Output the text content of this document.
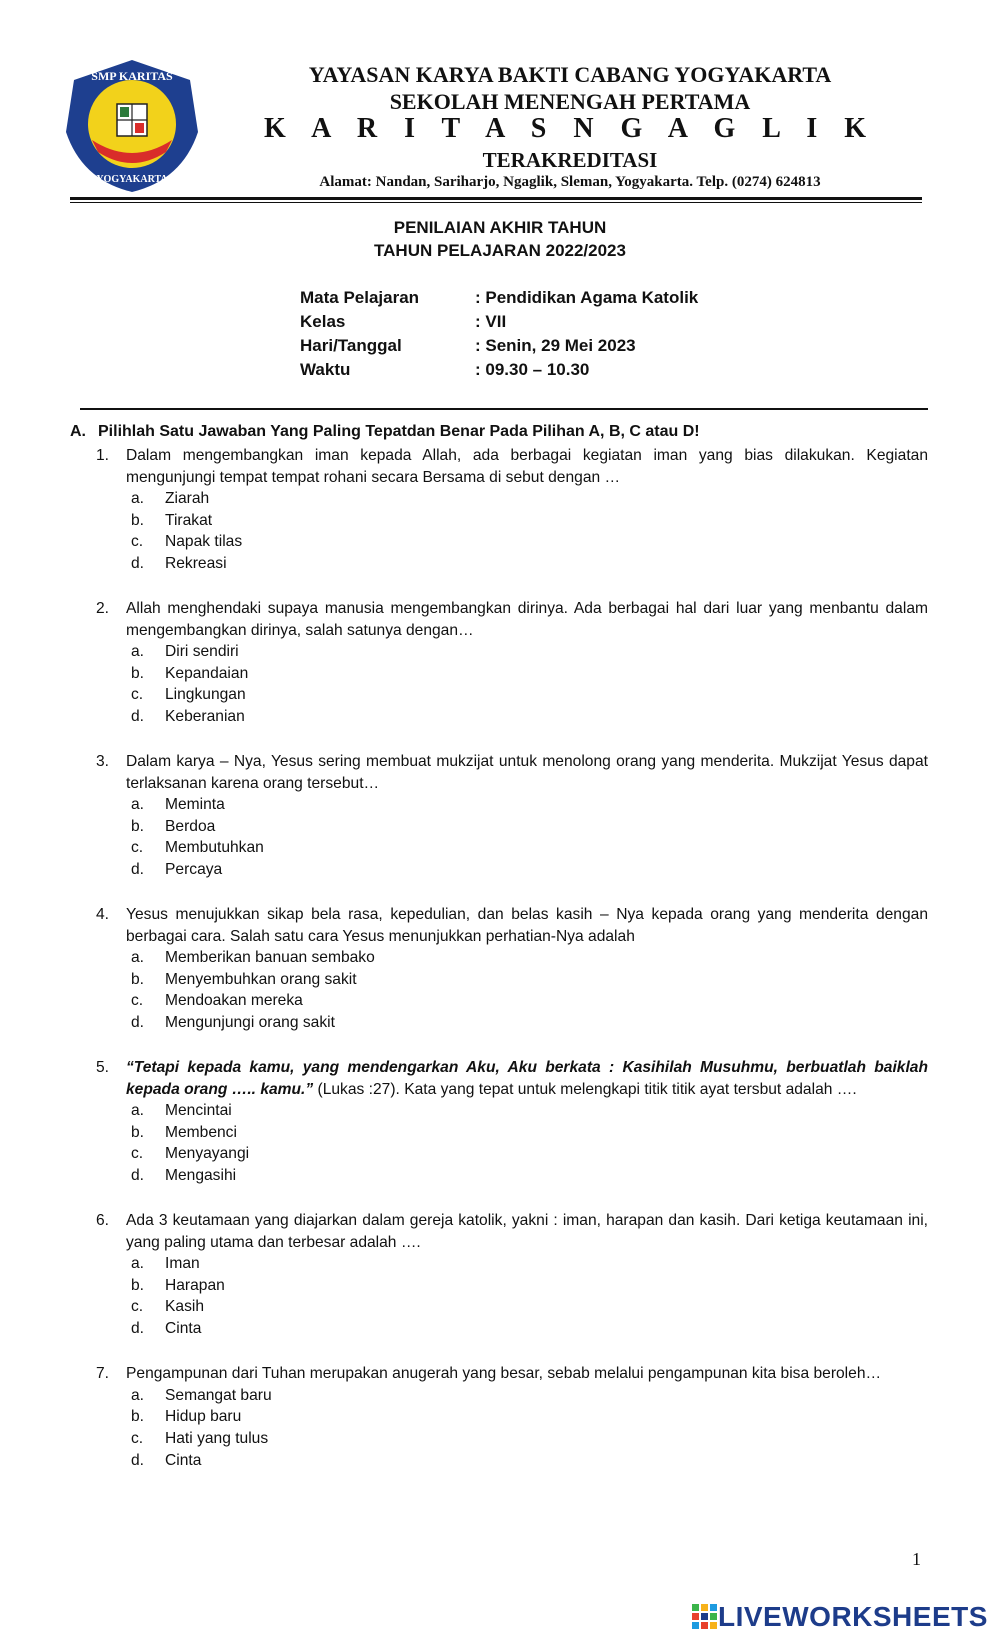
SMP KARITAS
YOGYAKARTA
YAYASAN KARYA BAKTI CABANG YOGYAKARTA
SEKOLAH MENENGAH PERTAMA
K A R I T A S N G A G L I K
TERAKREDITASI
Alamat: Nandan, Sariharjo, Ngaglik, Sleman, Yogyakarta. Telp. (0274) 624813
PENILAIAN AKHIR TAHUN
TAHUN PELAJARAN 2022/2023
Mata Pelajaran	: Pendidikan Agama Katolik
Kelas	: VII
Hari/Tanggal	: Senin, 29 Mei 2023
Waktu	: 09.30 – 10.30
A. Pilihlah Satu Jawaban Yang Paling Tepatdan Benar Pada Pilihan A, B, C atau D!
1.	Dalam mengembangkan iman kepada Allah, ada berbagai kegiatan iman yang bias dilakukan. Kegiatan mengunjungi tempat tempat rohani secara Bersama di sebut dengan …
a. Ziarah
b. Tirakat
c. Napak tilas
d. Rekreasi
2.	Allah menghendaki supaya manusia mengembangkan dirinya. Ada berbagai hal dari luar yang menbantu dalam mengembangkan dirinya, salah satunya dengan…
a. Diri sendiri
b. Kepandaian
c. Lingkungan
d. Keberanian
3.	Dalam karya – Nya, Yesus sering membuat mukzijat untuk menolong orang yang menderita. Mukzijat Yesus dapat terlaksanan karena orang tersebut…
a. Meminta
b. Berdoa
c. Membutuhkan
d. Percaya
4.	Yesus menujukkan sikap bela rasa, kepedulian, dan belas kasih – Nya kepada orang yang menderita dengan berbagai cara. Salah satu cara Yesus menunjukkan perhatian-Nya adalah
a. Memberikan banuan sembako
b. Menyembuhkan orang sakit
c. Mendoakan mereka
d. Mengunjungi orang sakit
5.	“Tetapi kepada kamu, yang mendengarkan Aku, Aku berkata : Kasihilah Musuhmu, berbuatlah baiklah kepada orang ….. kamu.” (Lukas :27). Kata yang tepat untuk melengkapi titik titik ayat tersbut adalah ….
a. Mencintai
b. Membenci
c. Menyayangi
d. Mengasihi
6.	Ada 3 keutamaan yang diajarkan dalam gereja katolik, yakni : iman, harapan dan kasih. Dari ketiga keutamaan ini, yang paling utama dan terbesar adalah ….
a. Iman
b. Harapan
c. Kasih
d. Cinta
7.	Pengampunan dari Tuhan merupakan anugerah yang besar, sebab melalui pengampunan kita bisa beroleh…
a. Semangat baru
b. Hidup baru
c. Hati yang tulus
d. Cinta
1
LIVEWORKSHEETS
